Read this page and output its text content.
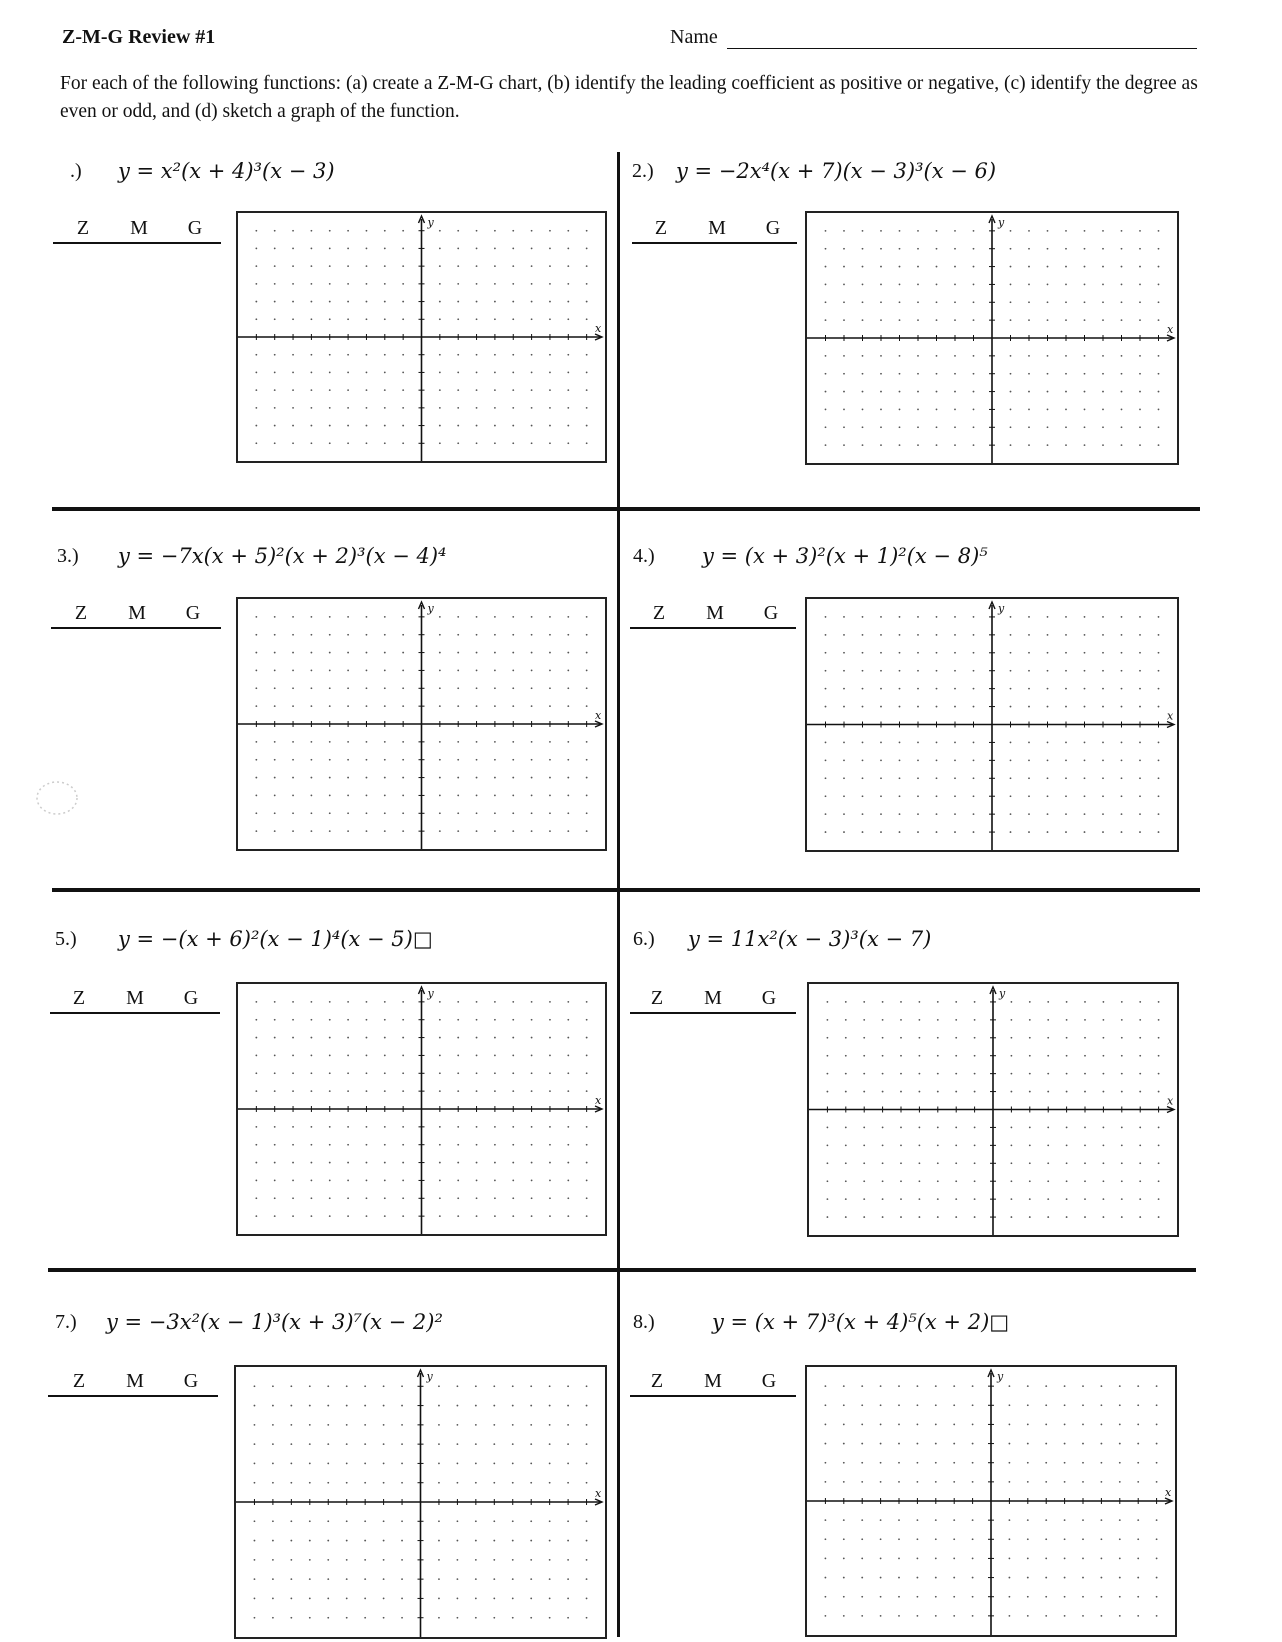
Z-M-G Review #1	Name
For each of the following functions: (a) create a Z-M-G chart, (b) identify the leading coefficient as positive or negative, (c) identify the degree as even or odd, and (d) sketch a graph of the function.
.) y = x²(x + 4)³(x − 3)
Z M G	y
x
2.) y = −2x⁴(x + 7)(x − 3)³(x − 6)
Z M G	y
x
3.) y = −7x(x + 5)²(x + 2)³(x − 4)⁴
Z M G	y
x
4.) y = (x + 3)²(x + 1)²(x − 8)⁵
Z M G	y
x
5.) y = −(x + 6)²(x − 1)⁴(x − 5)□
Z M G	y
x
6.) y = 11x²(x − 3)³(x − 7)
Z M G	y
x
7.) y = −3x²(x − 1)³(x + 3)⁷(x − 2)²
Z M G	y
x
8.)	y = (x + 7)³(x + 4)⁵(x + 2)□
Z M G	y
x
